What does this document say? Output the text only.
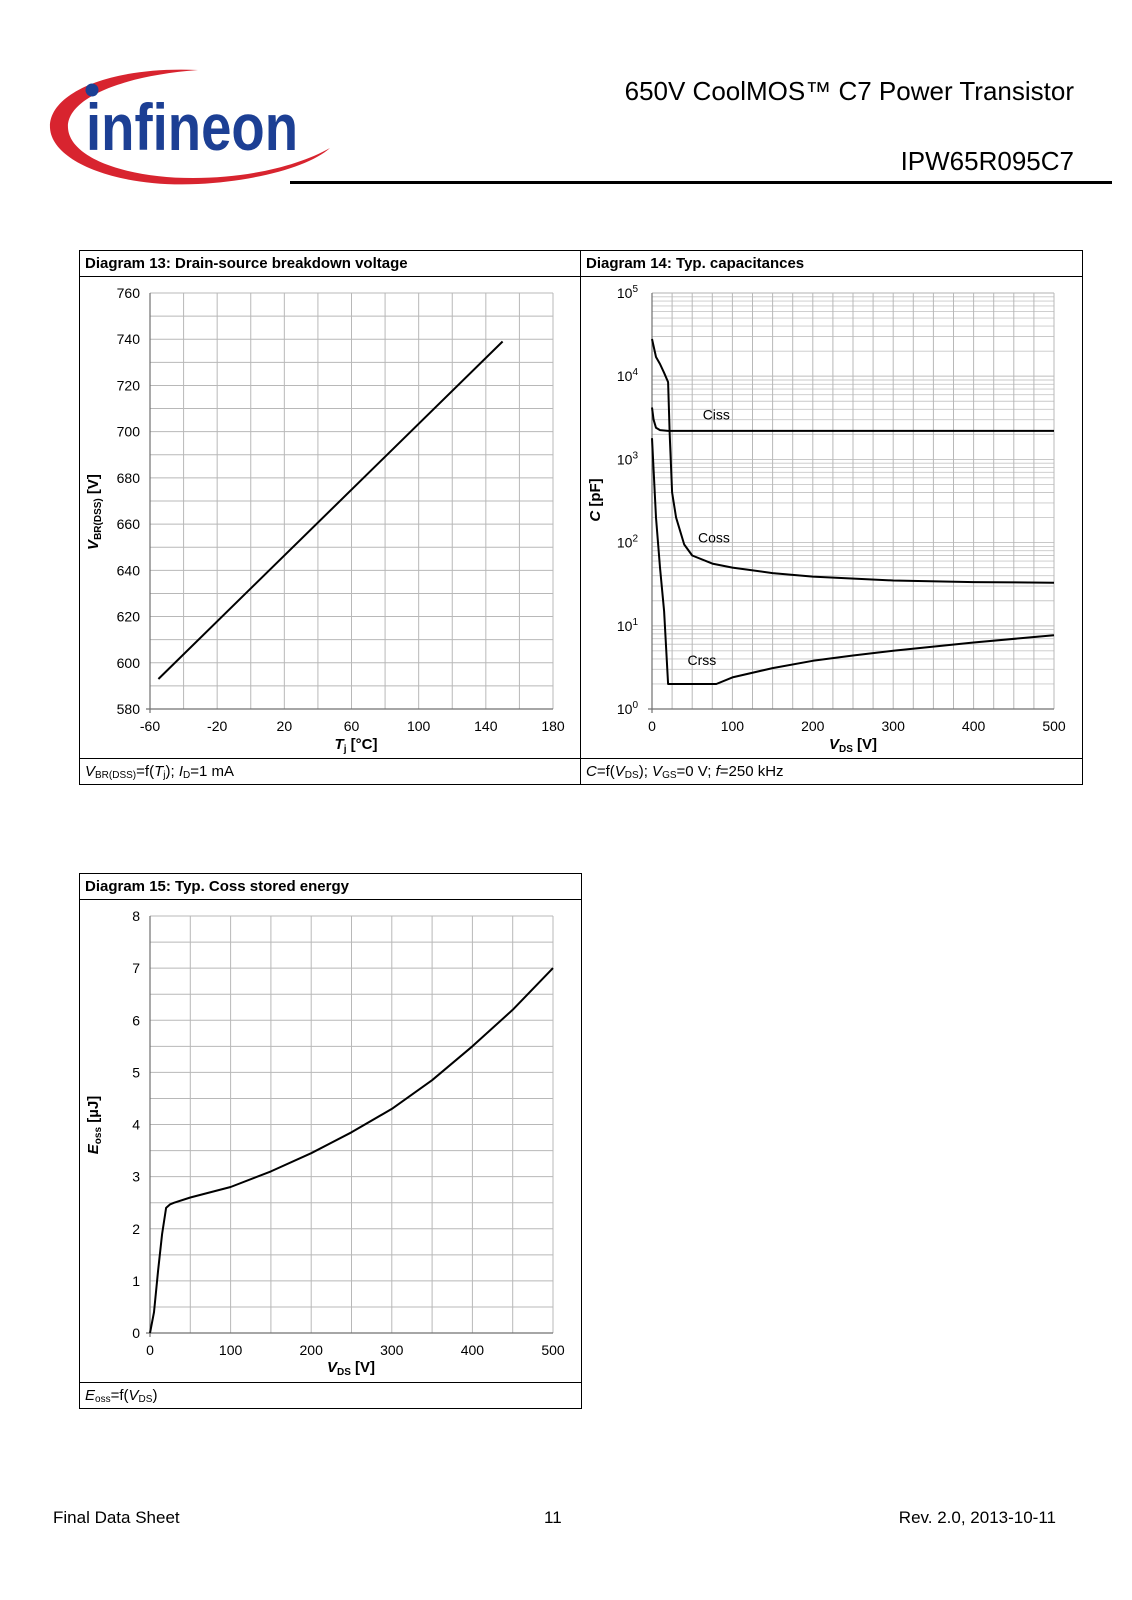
infineon	650V CoolMOS™ C7 Power Transistor
IPW65R095C7
Diagram 13: Drain-source breakdown voltage
$V_{BR(DSS)}=f(T_j)$; $I_D=1$ mA
Diagram 14: Typ. capacitances
$C=f(V_{DS})$; $V_{GS}=0$ V; f=250 kHz
Diagram 15: Typ. Coss stored energy
$E_{oss}=f(V_{DS})$
-60	-20	20	60	100	140	180
580
600
620
640
660
680
700
720
740
760
$T_j$ [°C]
$V_{BR(DSS)}$ [V]
0	100	200	300	400	500
$10^0$
$10^1$
$10^2$
$10^3$
$10^4$
$10^5$
$V_{DS}$ [V]
C [pF]
Ciss
Coss
Crss
0	100	200	300	400	500
0
1
2
3
4
5
6
7
8
$V_{DS}$ [V]
$E_{oss}$ [µJ]
Final Data Sheet	11	Rev. 2.0, 2013-10-11
